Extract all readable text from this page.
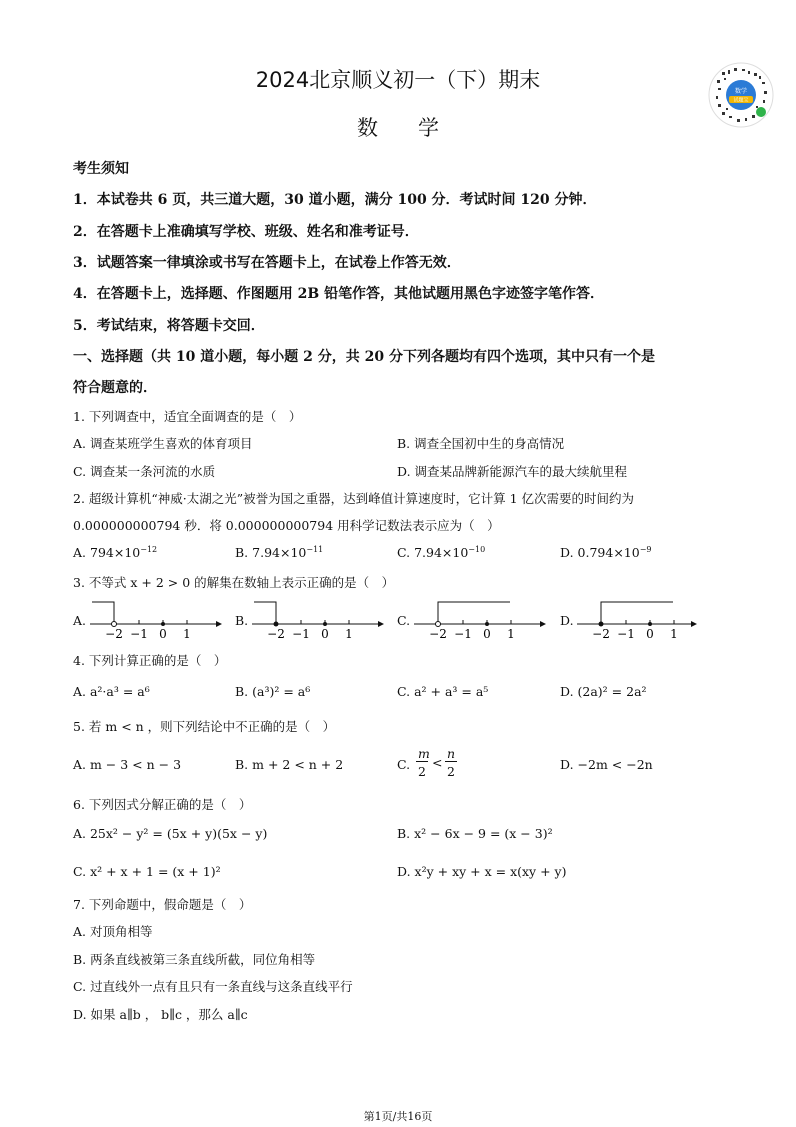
2024北京顺义初一（下）期末
数学
数学
试题宝
考生须知
1．本试卷共 6 页，共三道大题，30 道小题，满分 100 分．考试时间 120 分钟．
2．在答题卡上准确填写学校、班级、姓名和准考证号．
3．试题答案一律填涂或书写在答题卡上，在试卷上作答无效．
4．在答题卡上，选择题、作图题用 2B 铅笔作答，其他试题用黑色字迹签字笔作答．
5．考试结束，将答题卡交回．
一、选择题（共 10 道小题，每小题 2 分，共 20 分下列各题均有四个选项，其中只有一个是
符合题意的．
1. 下列调查中，适宜全面调查的是（　）
A. 调查某班学生喜欢的体育项目	B. 调查全国初中生的身高情况
C. 调查某一条河流的水质	D. 调查某品牌新能源汽车的最大续航里程
2. 超级计算机“神威·太湖之光”被誉为国之重器，达到峰值计算速度时，它计算 1 亿次需要的时间约为
0.000000000794 秒．将 0.000000000794 用科学记数法表示应为（　）
A. $794\times 10^{-12}$	B. $7.94\times 10^{-11}$	C. $7.94\times 10^{-10}$	D. $0.794\times 10^{-9}$
3. 不等式 x + 2 > 0 的解集在数轴上表示正确的是（　）
A.
−2 −1 0 1
B.
−2 −1 0 1
C.
−2 −1 0 1
D.
−2 −1 0 1
4. 下列计算正确的是（　）
A. a²·a³ = a⁶	B. (a³)² = a⁶	C. a² + a³ = a⁵	D. (2a)² = 2a²
5. 若 m < n ，则下列结论中不正确的是（　）
A. m − 3 < n − 3	B. m + 2 < n + 2	C.
m
2
<
n
2	D. −2m < −2n
6. 下列因式分解正确的是（　）
A. 25x² − y² = (5x + y)(5x − y)	B. x² − 6x − 9 = (x − 3)²
C. x² + x + 1 = (x + 1)²	D. x²y + xy + x = x(xy + y)
7. 下列命题中，假命题是（　）
A. 对顶角相等
B. 两条直线被第三条直线所截，同位角相等
C. 过直线外一点有且只有一条直线与这条直线平行
D. 如果 a∥b ， b∥c ，那么 a∥c
第1页/共16页
